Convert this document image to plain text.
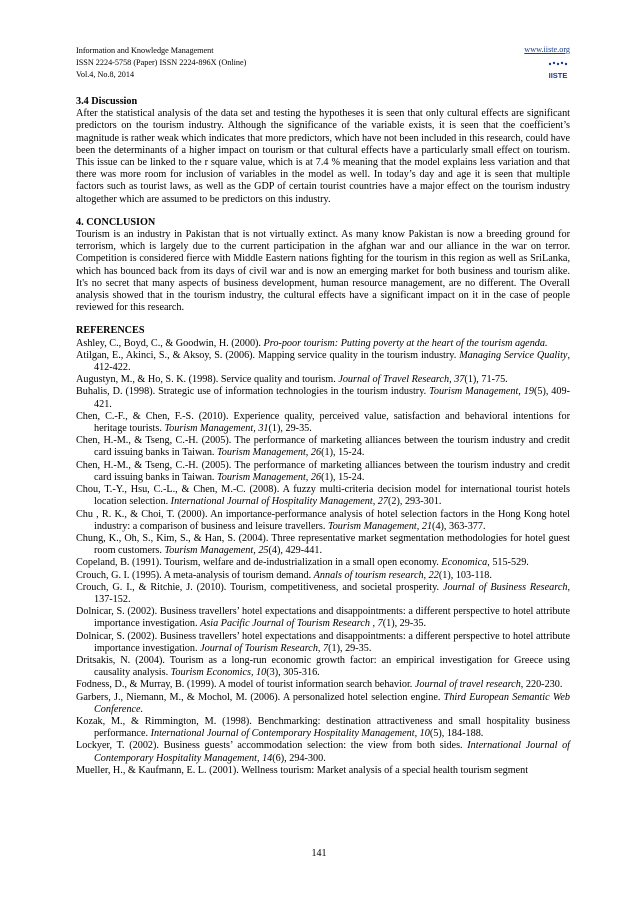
Information and Knowledge Management
ISSN 2224-5758 (Paper) ISSN 2224-896X (Online)
Vol.4, No.8, 2014
www.iiste.org
IISTE

3.4 Discussion

After the statistical analysis of the data set and testing the hypotheses it is seen that only cultural effects are significant predictors on the tourism industry. Although the significance of the variable exists, it is seen that the coefficient’s magnitude is rather weak which indicates that more predictors, which have not been included in this research, could have been the determinants of a higher impact on tourism or that cultural effects have a particularly small effect on tourism. This issue can be linked to the r square value, which is at 7.4 % meaning that the model explains less variation and that there was more room for inclusion of variables in the model as well. In today’s day and age it is seen that multiple factors such as tourist laws, as well as the GDP of certain tourist countries have a major effect on the tourism industry altogether which are assumed to be predictors on this industry.

4. CONCLUSION

Tourism is an industry in Pakistan that is not virtually extinct. As many know Pakistan is now a breeding ground for terrorism, which is largely due to the current participation in the afghan war and our alliance in the war on terror. Competition is considered fierce with Middle Eastern nations fighting for the tourism in this region as well as SriLanka, which has bounced back from its days of civil war and is now an emerging market for both business and tourism alike. It's no secret that many aspects of business development, human resource management, are no different. The Overall analysis showed that in the tourism industry, the cultural effects have a significant impact on it in the case of people reviewed for this research.

REFERENCES

Ashley, C., Boyd, C., & Goodwin, H. (2000). Pro-poor tourism: Putting poverty at the heart of the tourism agenda.

Atilgan, E., Akinci, S., & Aksoy, S. (2006). Mapping service quality in the tourism industry. Managing Service Quality, 412-422.

Augustyn, M., & Ho, S. K. (1998). Service quality and tourism. Journal of Travel Research, 37(1), 71-75.

Buhalis, D. (1998). Strategic use of information technologies in the tourism industry. Tourism Management, 19(5), 409-421.

Chen, C.-F., & Chen, F.-S. (2010). Experience quality, perceived value, satisfaction and behavioral intentions for heritage tourists. Tourism Management, 31(1), 29-35.

Chen, H.-M., & Tseng, C.-H. (2005). The performance of marketing alliances between the tourism industry and credit card issuing banks in Taiwan. Tourism Management, 26(1), 15-24.

Chen, H.-M., & Tseng, C.-H. (2005). The performance of marketing alliances between the tourism industry and credit card issuing banks in Taiwan. Tourism Management, 26(1), 15-24.

Chou, T.-Y., Hsu, C.-L., & Chen, M.-C. (2008). A fuzzy multi-criteria decision model for international tourist hotels location selection. International Journal of Hospitality Management, 27(2), 293-301.

Chu , R. K., & Choi, T. (2000). An importance-performance analysis of hotel selection factors in the Hong Kong hotel industry: a comparison of business and leisure travellers. Tourism Management, 21(4), 363-377.

Chung, K., Oh, S., Kim, S., & Han, S. (2004). Three representative market segmentation methodologies for hotel guest room customers. Tourism Management, 25(4), 429-441.

Copeland, B. (1991). Tourism, welfare and de-industrialization in a small open economy. Economica, 515-529.

Crouch, G. I. (1995). A meta-analysis of tourism demand. Annals of tourism research, 22(1), 103-118.

Crouch, G. I., & Ritchie, J. (2010). Tourism, competitiveness, and societal prosperity. Journal of Business Research, 137-152.

Dolnicar, S. (2002). Business travellers’ hotel expectations and disappointments: a different perspective to hotel attribute importance investigation. Asia Pacific Journal of Tourism Research , 7(1), 29-35.

Dolnicar, S. (2002). Business travellers’ hotel expectations and disappointments: a different perspective to hotel attribute importance investigation. Journal of Tourism Research, 7(1), 29-35.

Dritsakis, N. (2004). Tourism as a long-run economic growth factor: an empirical investigation for Greece using causality analysis. Tourism Economics, 10(3), 305-316.

Fodness, D., & Murray, B. (1999). A model of tourist information search behavior. Journal of travel research, 220-230.

Garbers, J., Niemann, M., & Mochol, M. (2006). A personalized hotel selection engine. Third European Semantic Web Conference.

Kozak, M., & Rimmington, M. (1998). Benchmarking: destination attractiveness and small hospitality business performance. International Journal of Contemporary Hospitality Management, 10(5), 184-188.

Lockyer, T. (2002). Business guests’ accommodation selection: the view from both sides. International Journal of Contemporary Hospitality Management, 14(6), 294-300.

Mueller, H., & Kaufmann, E. L. (2001). Wellness tourism: Market analysis of a special health tourism segment

141
